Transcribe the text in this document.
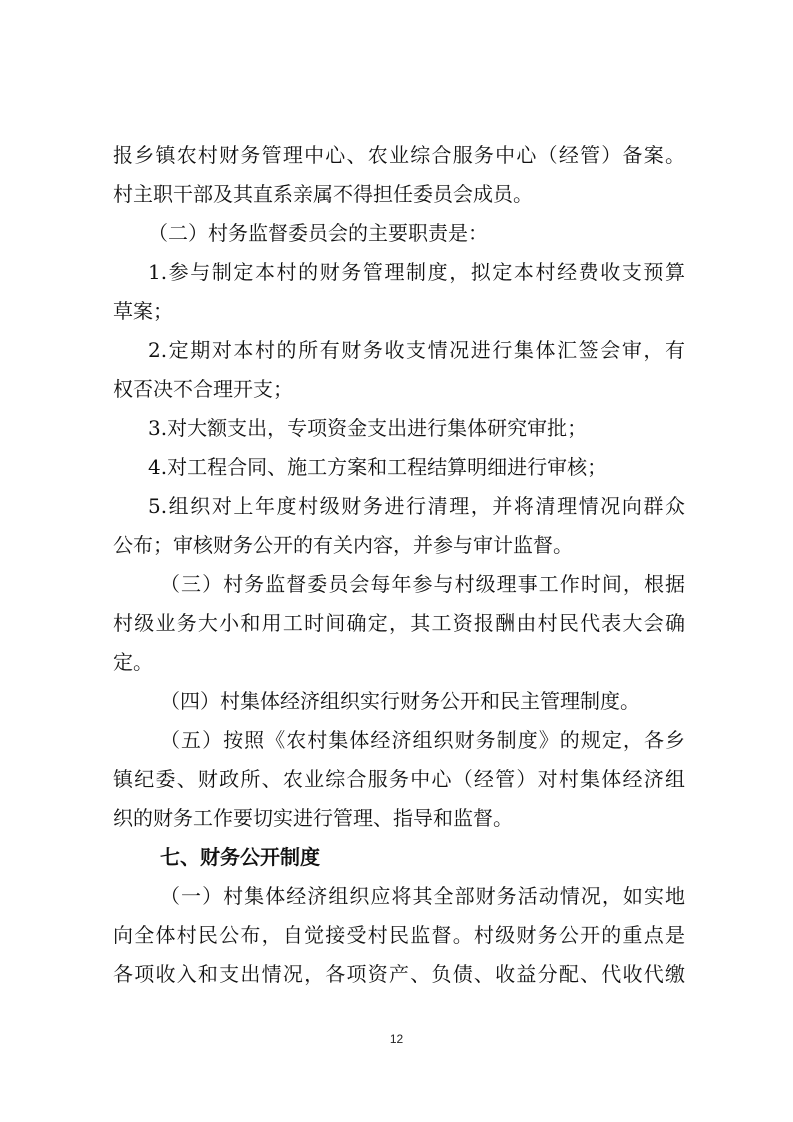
报乡镇农村财务管理中心、农业综合服务中心（经管）备案。
村主职干部及其直系亲属不得担任委员会成员。
（二）村务监督委员会的主要职责是：
1.参与制定本村的财务管理制度，拟定本村经费收支预算
草案；
2.定期对本村的所有财务收支情况进行集体汇签会审，有
权否决不合理开支；
3.对大额支出，专项资金支出进行集体研究审批；
4.对工程合同、施工方案和工程结算明细进行审核；
5.组织对上年度村级财务进行清理，并将清理情况向群众
公布；审核财务公开的有关内容，并参与审计监督。
（三）村务监督委员会每年参与村级理事工作时间，根据
村级业务大小和用工时间确定，其工资报酬由村民代表大会确
定。
（四）村集体经济组织实行财务公开和民主管理制度。
（五）按照《农村集体经济组织财务制度》的规定，各乡
镇纪委、财政所、农业综合服务中心（经管）对村集体经济组
织的财务工作要切实进行管理、指导和监督。
七、财务公开制度
（一）村集体经济组织应将其全部财务活动情况，如实地
向全体村民公布，自觉接受村民监督。村级财务公开的重点是
各项收入和支出情况，各项资产、负债、收益分配、代收代缴
12
